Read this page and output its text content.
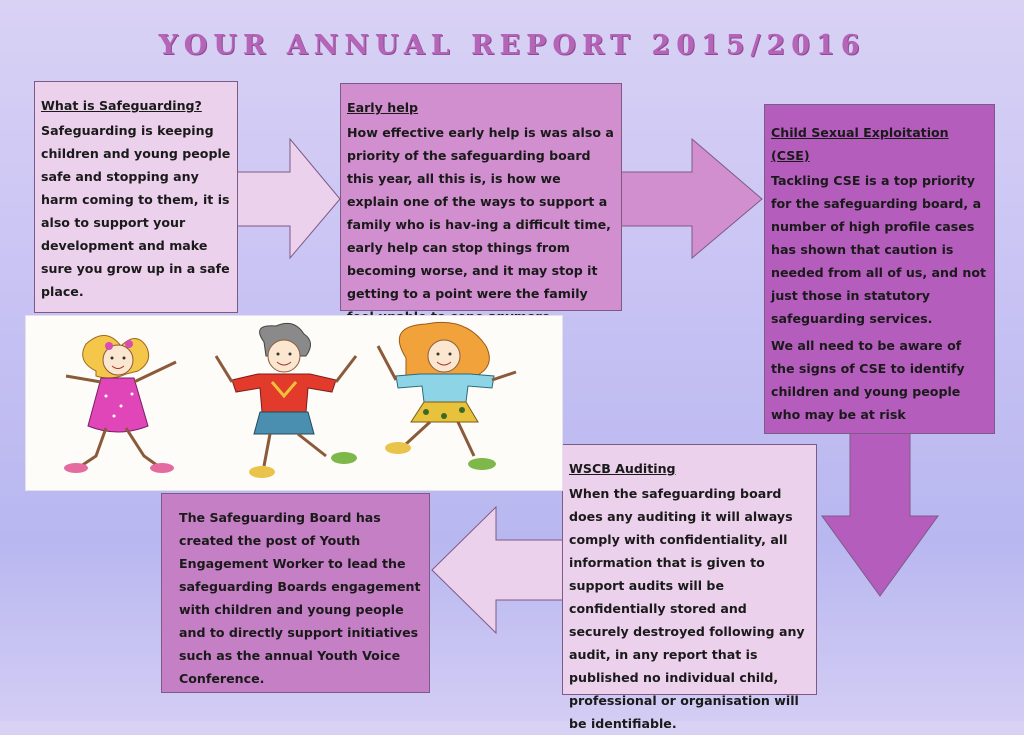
YOUR ANNUAL REPORT 2015/2016
What is Safeguarding?

Safeguarding is keeping children and young people safe and stopping any harm coming to them, it is also to support your development and make sure you grow up in a safe place.

Early help

How effective early help is was also a priority of the safeguarding board this year, all this is, is how we explain one of the ways to support a family who is hav-ing a difficult time, early help can stop things from becoming worse, and it may stop it getting to a point were the family

Child Sexual Exploitation (CSE)

Tackling CSE is a top priority for the safeguarding board, a number of high profile cases has shown that caution is needed from all of us, and not just those in statutory safeguarding services.

We all need to be aware of the signs of CSE to identify children and young people who may be at risk

WSCB Auditing

When the safeguarding board does any auditing it will always comply with confidentiality, all information that is given to support audits will be confidentially stored and securely destroyed following any audit, in any report that is published no individual child, professional or organisation will be identifiable.

The Safeguarding Board has created the post of Youth Engagement Worker to lead the safeguarding Boards engagement with children and young people and to directly support initiatives such as the annual Youth Voice Conference.
